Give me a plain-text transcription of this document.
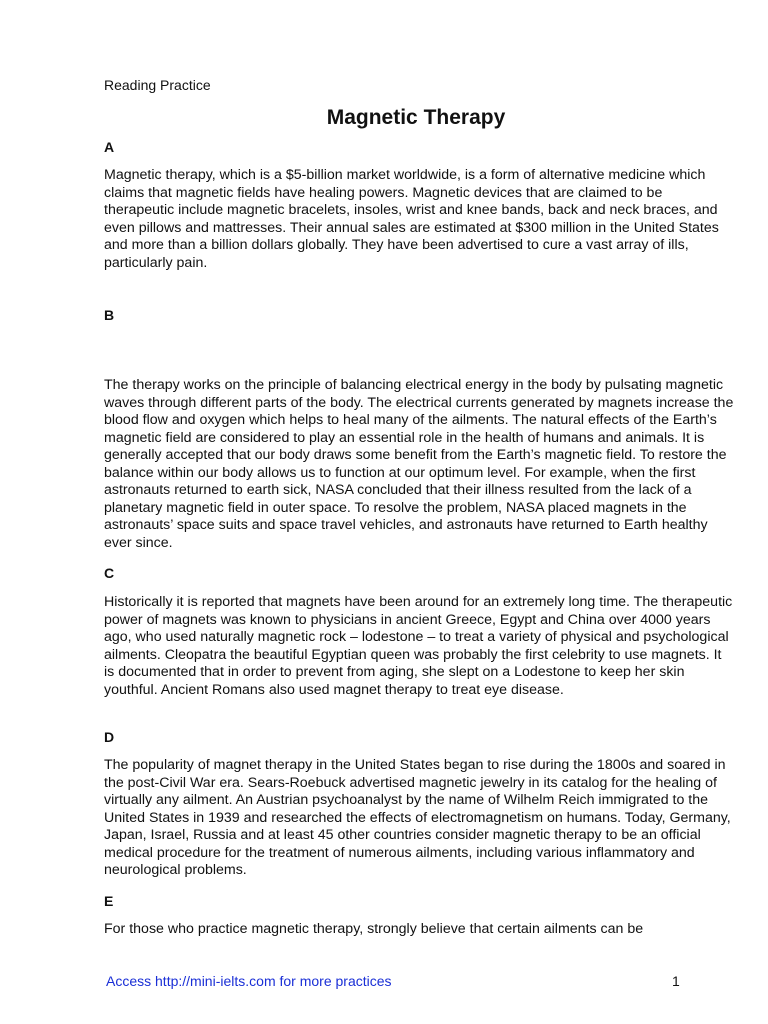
Reading Practice
Magnetic Therapy
A

Magnetic therapy, which is a $5-billion market worldwide, is a form of alternative medicine which claims that magnetic fields have healing powers. Magnetic devices that are claimed to be therapeutic include magnetic bracelets, insoles, wrist and knee bands, back and neck braces, and even pillows and mattresses. Their annual sales are estimated at $300 million in the United States and more than a billion dollars globally. They have been advertised to cure a vast array of ills, particularly pain.

B

The therapy works on the principle of balancing electrical energy in the body by pulsating magnetic waves through different parts of the body. The electrical currents generated by magnets increase the blood flow and oxygen which helps to heal many of the ailments. The natural effects of the Earth’s magnetic field are considered to play an essential role in the health of humans and animals. It is generally accepted that our body draws some benefit from the Earth’s magnetic field. To restore the balance within our body allows us to function at our optimum level. For example, when the first astronauts returned to earth sick, NASA concluded that their illness resulted from the lack of a planetary magnetic field in outer space. To resolve the problem, NASA placed magnets in the astronauts’ space suits and space travel vehicles, and astronauts have returned to Earth healthy ever since.

C

Historically it is reported that magnets have been around for an extremely long time. The therapeutic power of magnets was known to physicians in ancient Greece, Egypt and China over 4000 years ago, who used naturally magnetic rock – lodestone – to treat a variety of physical and psychological ailments. Cleopatra the beautiful Egyptian queen was probably the first celebrity to use magnets. It is documented that in order to prevent from aging, she slept on a Lodestone to keep her skin youthful. Ancient Romans also used magnet therapy to treat eye disease.

D

The popularity of magnet therapy in the United States began to rise during the 1800s and soared in the post-Civil War era. Sears-Roebuck advertised magnetic jewelry in its catalog for the healing of virtually any ailment. An Austrian psychoanalyst by the name of Wilhelm Reich immigrated to the United States in 1939 and researched the effects of electromagnetism on humans. Today, Germany, Japan, Israel, Russia and at least 45 other countries consider magnetic therapy to be an official medical procedure for the treatment of numerous ailments, including various inflammatory and neurological problems.

E

For those who practice magnetic therapy, strongly believe that certain ailments can be

Access http://mini-ielts.com for more practices	1
